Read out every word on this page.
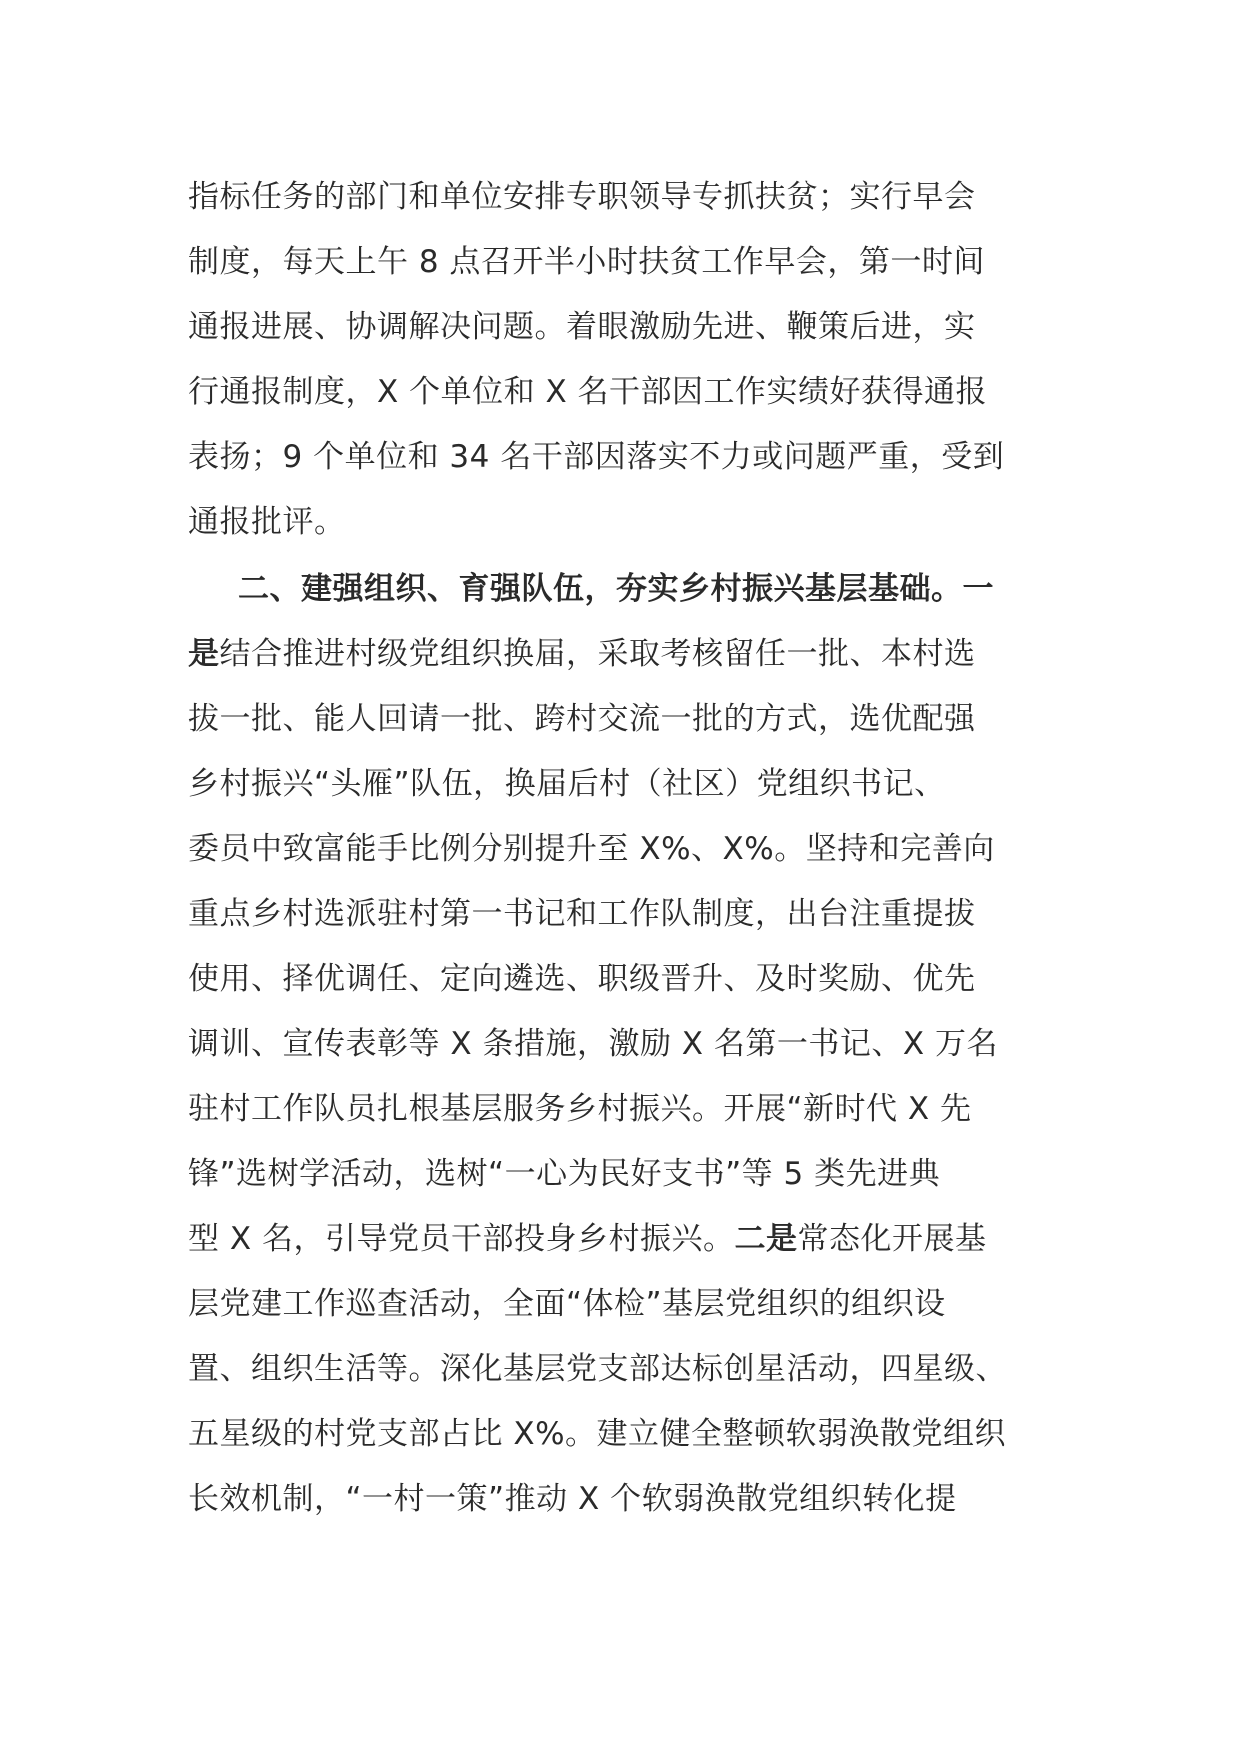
指标任务的部门和单位安排专职领导专抓扶贫；实行早会
制度，每天上午 8 点召开半小时扶贫工作早会，第一时间
通报进展、协调解决问题。着眼激励先进、鞭策后进，实
行通报制度，X 个单位和 X 名干部因工作实绩好获得通报
表扬；9 个单位和 34 名干部因落实不力或问题严重，受到
通报批评。
二、建强组织、育强队伍，夯实乡村振兴基层基础。一
是结合推进村级党组织换届，采取考核留任一批、本村选
拔一批、能人回请一批、跨村交流一批的方式，选优配强
乡村振兴“头雁”队伍，换届后村（社区）党组织书记、
委员中致富能手比例分别提升至 X%、X%。坚持和完善向
重点乡村选派驻村第一书记和工作队制度，出台注重提拔
使用、择优调任、定向遴选、职级晋升、及时奖励、优先
调训、宣传表彰等 X 条措施，激励 X 名第一书记、X 万名
驻村工作队员扎根基层服务乡村振兴。开展“新时代 X 先
锋”选树学活动，选树“一心为民好支书”等 5 类先进典
型 X 名，引导党员干部投身乡村振兴。二是常态化开展基
层党建工作巡查活动，全面“体检”基层党组织的组织设
置、组织生活等。深化基层党支部达标创星活动，四星级、
五星级的村党支部占比 X%。建立健全整顿软弱涣散党组织
长效机制，“一村一策”推动 X 个软弱涣散党组织转化提
